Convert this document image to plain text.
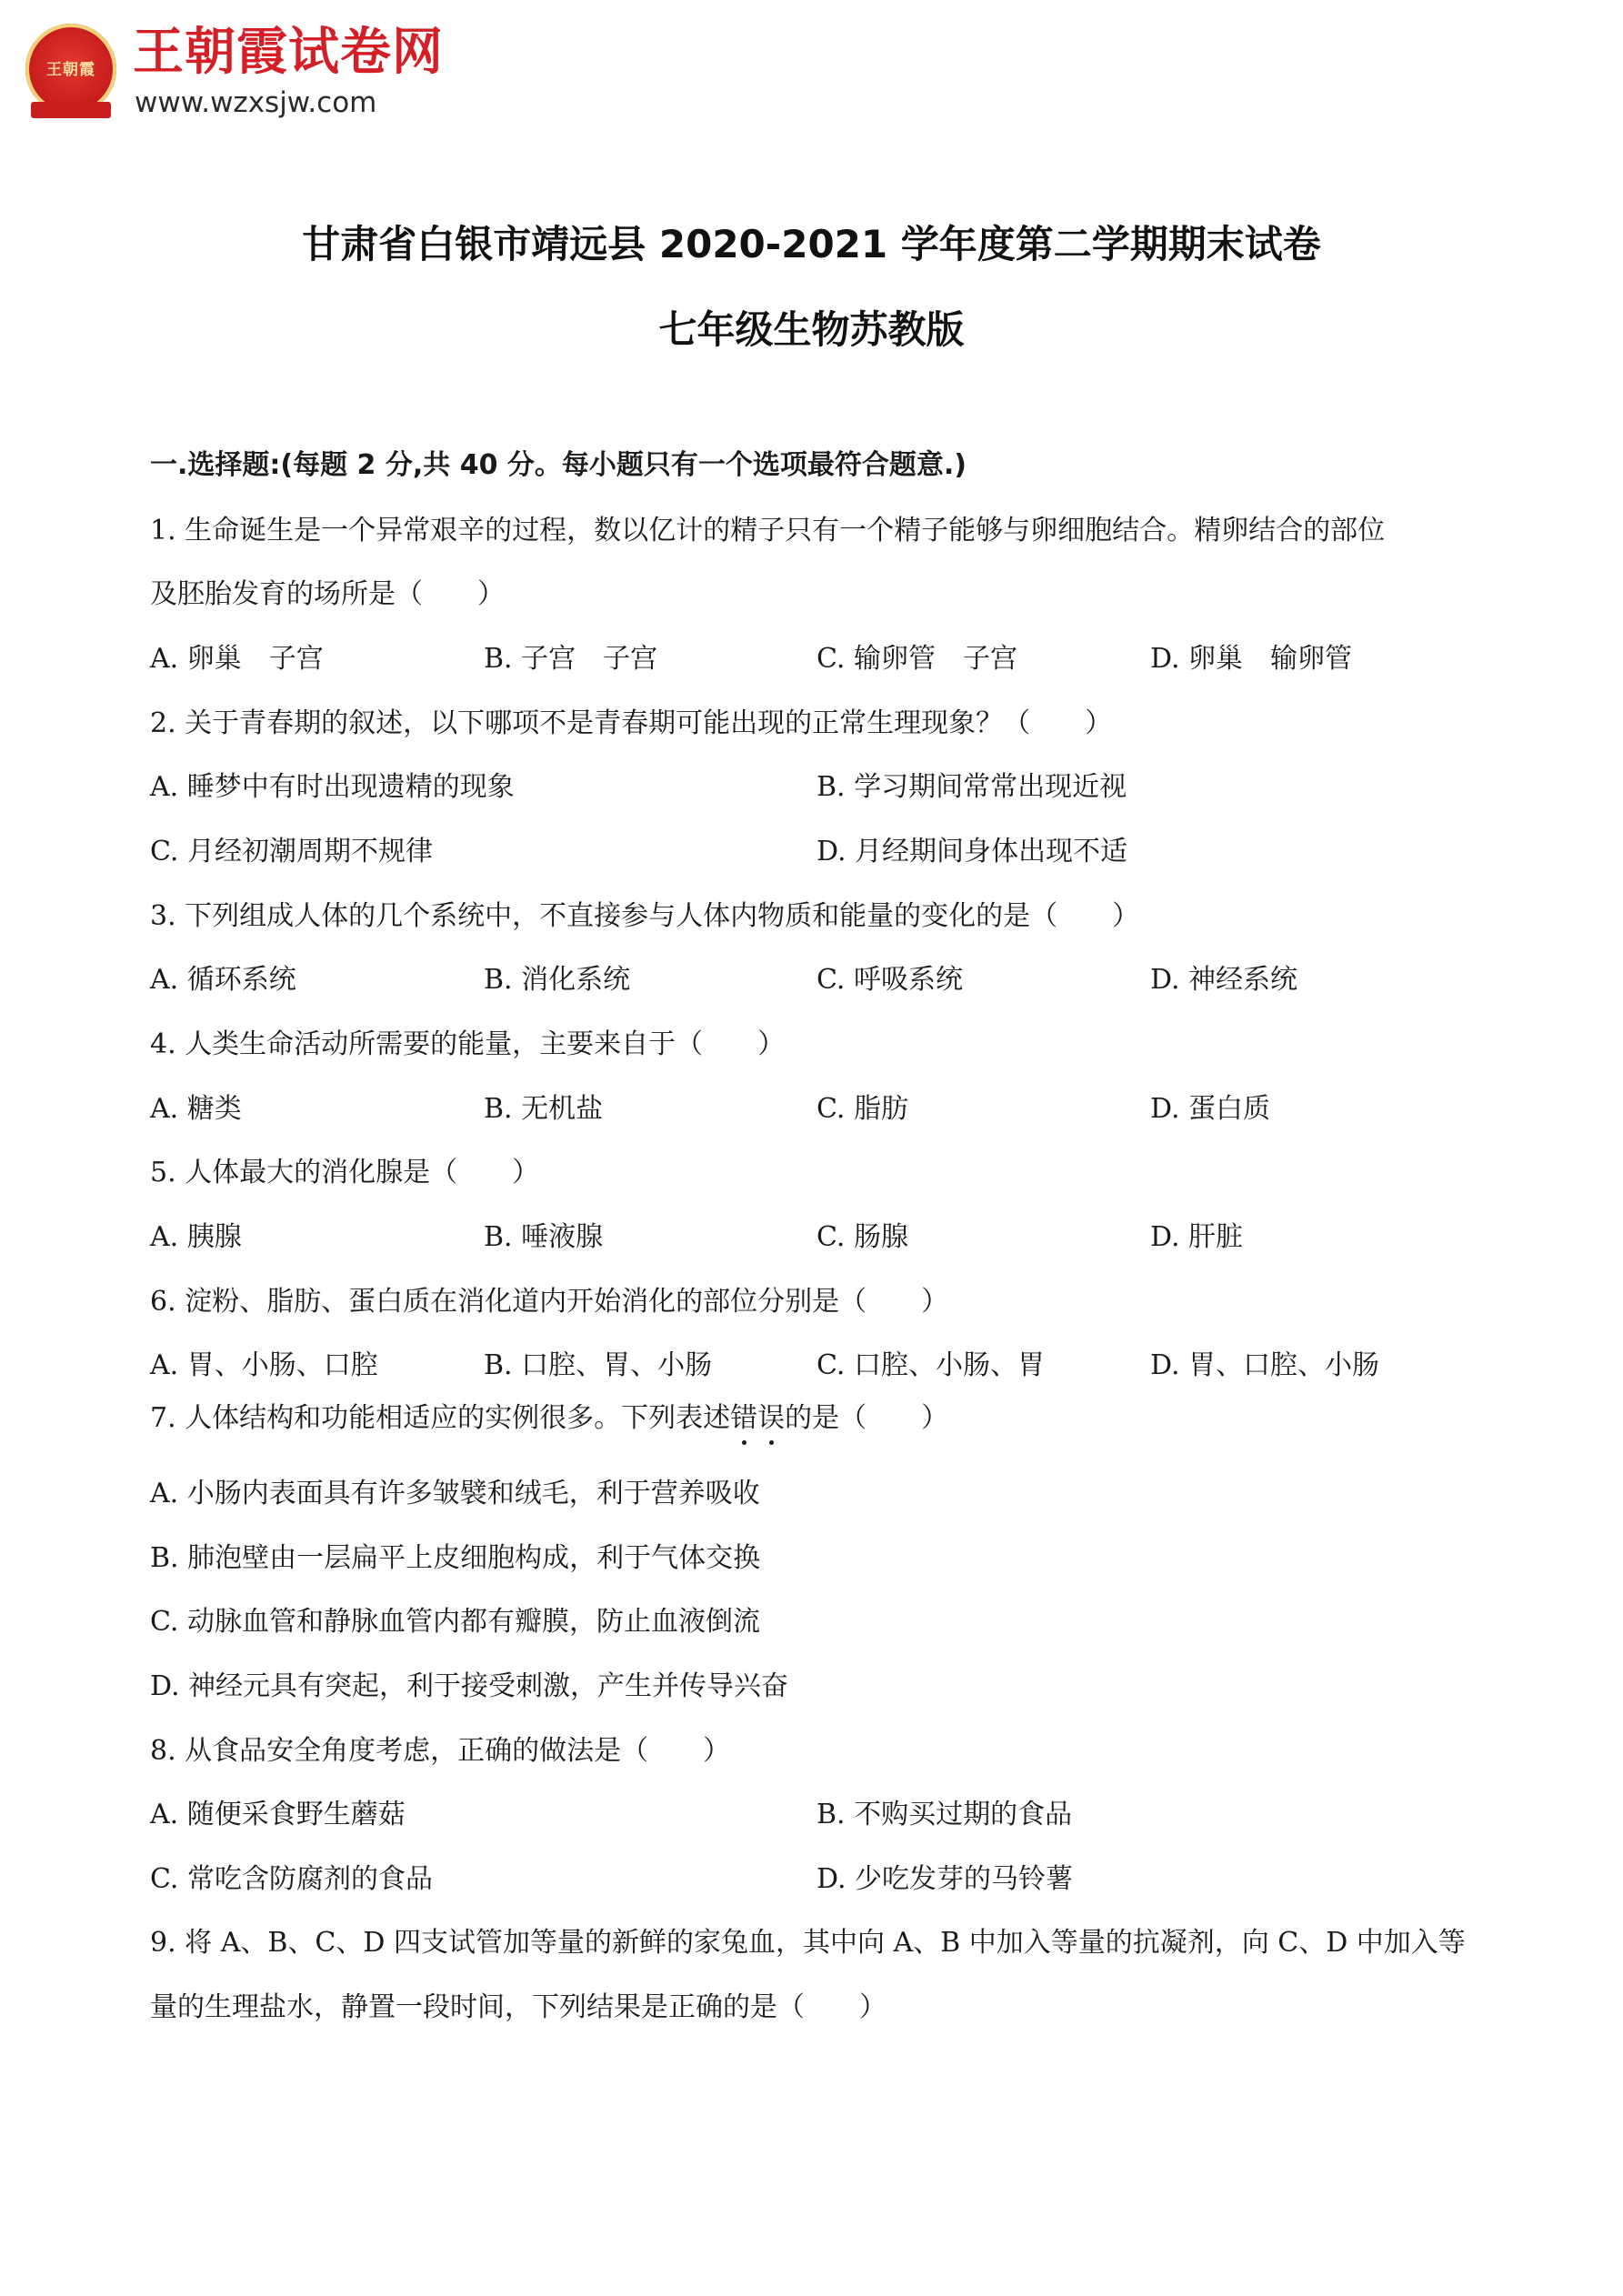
王朝霞 王朝霞试卷网
www.wzxsjw.com
甘肃省白银市靖远县 2020-2021 学年度第二学期期末试卷
七年级生物苏教版
一.选择题:(每题 2 分,共 40 分。每小题只有一个选项最符合题意.)
1. 生命诞生是一个异常艰辛的过程，数以亿计的精子只有一个精子能够与卵细胞结合。精卵结合的部位
及胚胎发育的场所是（　　）
A. 卵巢　子宫	B. 子宫　子宫	C. 输卵管　子宫	D. 卵巢　输卵管
2. 关于青春期的叙述，以下哪项不是青春期可能出现的正常生理现象？（　　）
A. 睡梦中有时出现遗精的现象	B. 学习期间常常出现近视
C. 月经初潮周期不规律	D. 月经期间身体出现不适
3. 下列组成人体的几个系统中，不直接参与人体内物质和能量的变化的是（　　）
A. 循环系统	B. 消化系统	C. 呼吸系统	D. 神经系统
4. 人类生命活动所需要的能量，主要来自于（　　）
A. 糖类	B. 无机盐	C. 脂肪	D. 蛋白质
5. 人体最大的消化腺是（　　）
A. 胰腺	B. 唾液腺	C. 肠腺	D. 肝脏
6. 淀粉、脂肪、蛋白质在消化道内开始消化的部位分别是（　　）
A. 胃、小肠、口腔	B. 口腔、胃、小肠	C. 口腔、小肠、胃	D. 胃、口腔、小肠
7. 人体结构和功能相适应的实例很多。下列表述错
误
的是（　　）
A. 小肠内表面具有许多皱襞和绒毛，利于营养吸收
B. 肺泡壁由一层扁平上皮细胞构成，利于气体交换
C. 动脉血管和静脉血管内都有瓣膜，防止血液倒流
D. 神经元具有突起，利于接受刺激，产生并传导兴奋
8. 从食品安全角度考虑，正确的做法是（　　）
A. 随便采食野生蘑菇	B. 不购买过期的食品
C. 常吃含防腐剂的食品	D. 少吃发芽的马铃薯
9. 将 A、B、C、D 四支试管加等量的新鲜的家兔血，其中向 A、B 中加入等量的抗凝剂，向 C、D 中加入等
量的生理盐水，静置一段时间，下列结果是正确的是（　　）
